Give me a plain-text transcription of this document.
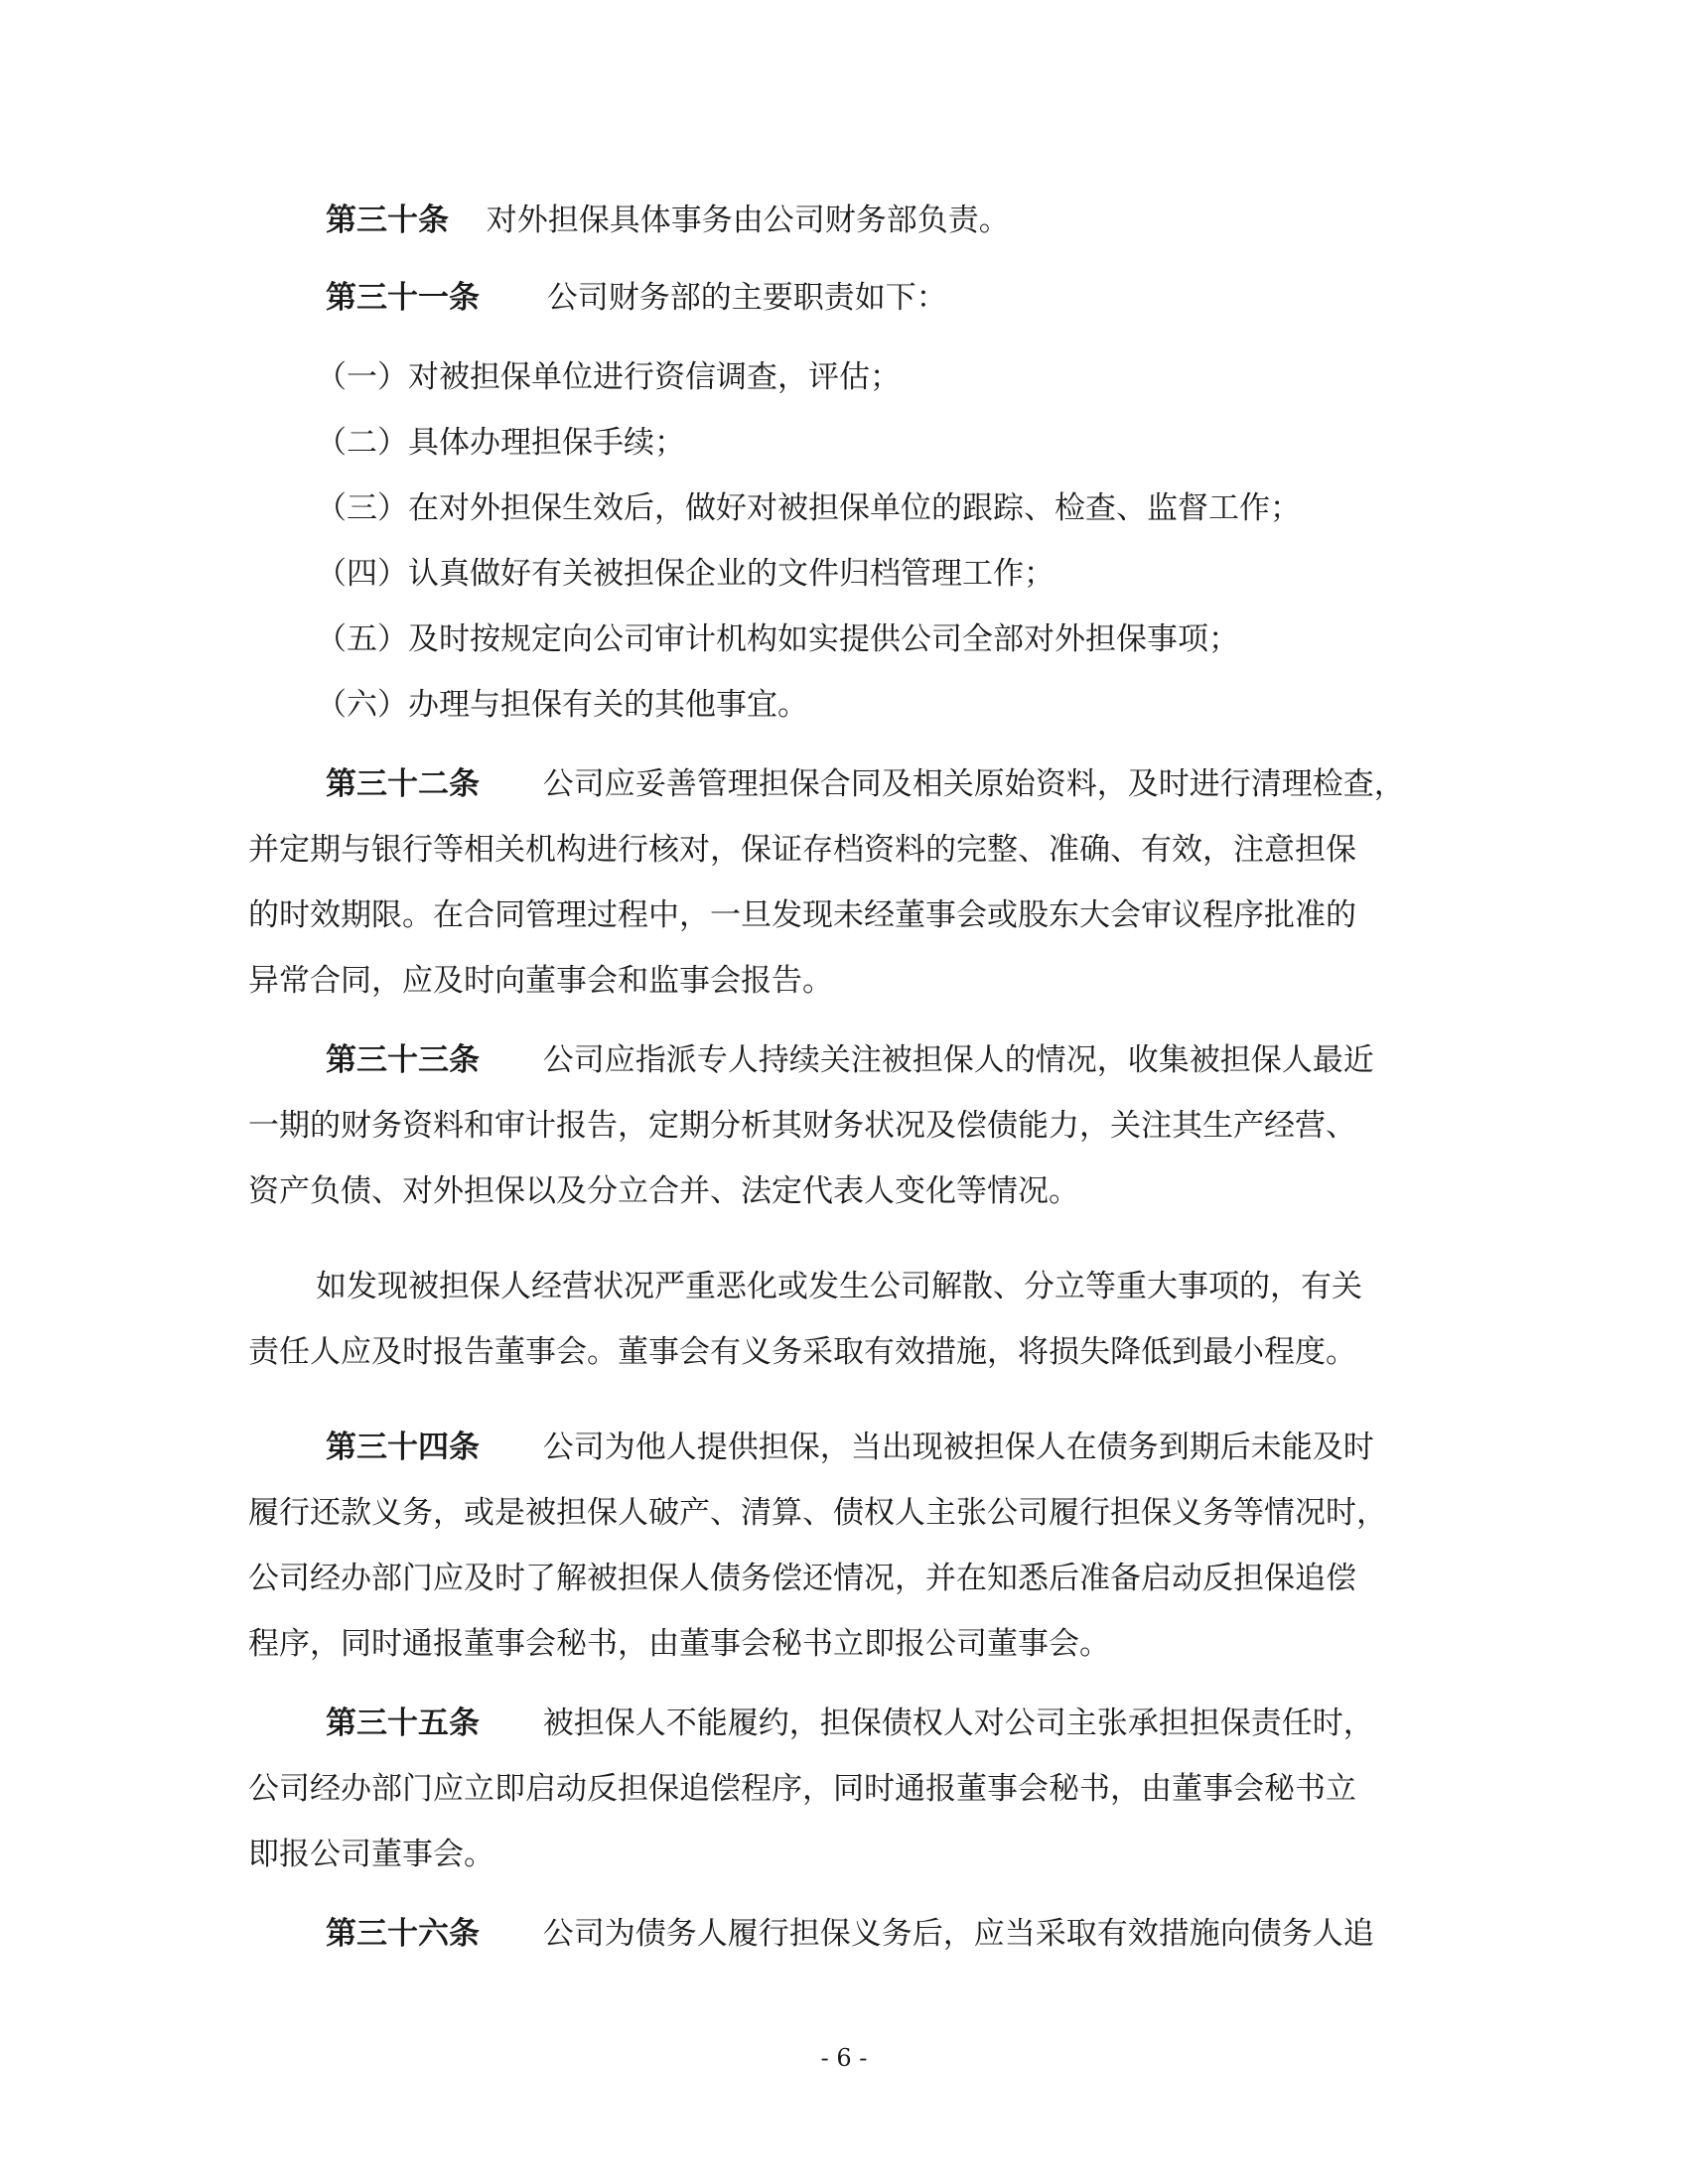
第三十条 对外担保具体事务由公司财务部负责。
第三十一条 公司财务部的主要职责如下：
（一）对被担保单位进行资信调查，评估；
（二）具体办理担保手续；
（三）在对外担保生效后，做好对被担保单位的跟踪、检查、监督工作；
（四）认真做好有关被担保企业的文件归档管理工作；
（五）及时按规定向公司审计机构如实提供公司全部对外担保事项；
（六）办理与担保有关的其他事宜。
第三十二条 公司应妥善管理担保合同及相关原始资料，及时进行清理检查，
并定期与银行等相关机构进行核对，保证存档资料的完整、准确、有效，注意担保
的时效期限。在合同管理过程中，一旦发现未经董事会或股东大会审议程序批准的
异常合同，应及时向董事会和监事会报告。
第三十三条 公司应指派专人持续关注被担保人的情况，收集被担保人最近
一期的财务资料和审计报告，定期分析其财务状况及偿债能力，关注其生产经营、
资产负债、对外担保以及分立合并、法定代表人变化等情况。
如发现被担保人经营状况严重恶化或发生公司解散、分立等重大事项的，有关
责任人应及时报告董事会。董事会有义务采取有效措施，将损失降低到最小程度。
第三十四条 公司为他人提供担保，当出现被担保人在债务到期后未能及时
履行还款义务，或是被担保人破产、清算、债权人主张公司履行担保义务等情况时，
公司经办部门应及时了解被担保人债务偿还情况，并在知悉后准备启动反担保追偿
程序，同时通报董事会秘书，由董事会秘书立即报公司董事会。
第三十五条 被担保人不能履约，担保债权人对公司主张承担担保责任时，
公司经办部门应立即启动反担保追偿程序，同时通报董事会秘书，由董事会秘书立
即报公司董事会。
第三十六条 公司为债务人履行担保义务后，应当采取有效措施向债务人追
- 6 -
